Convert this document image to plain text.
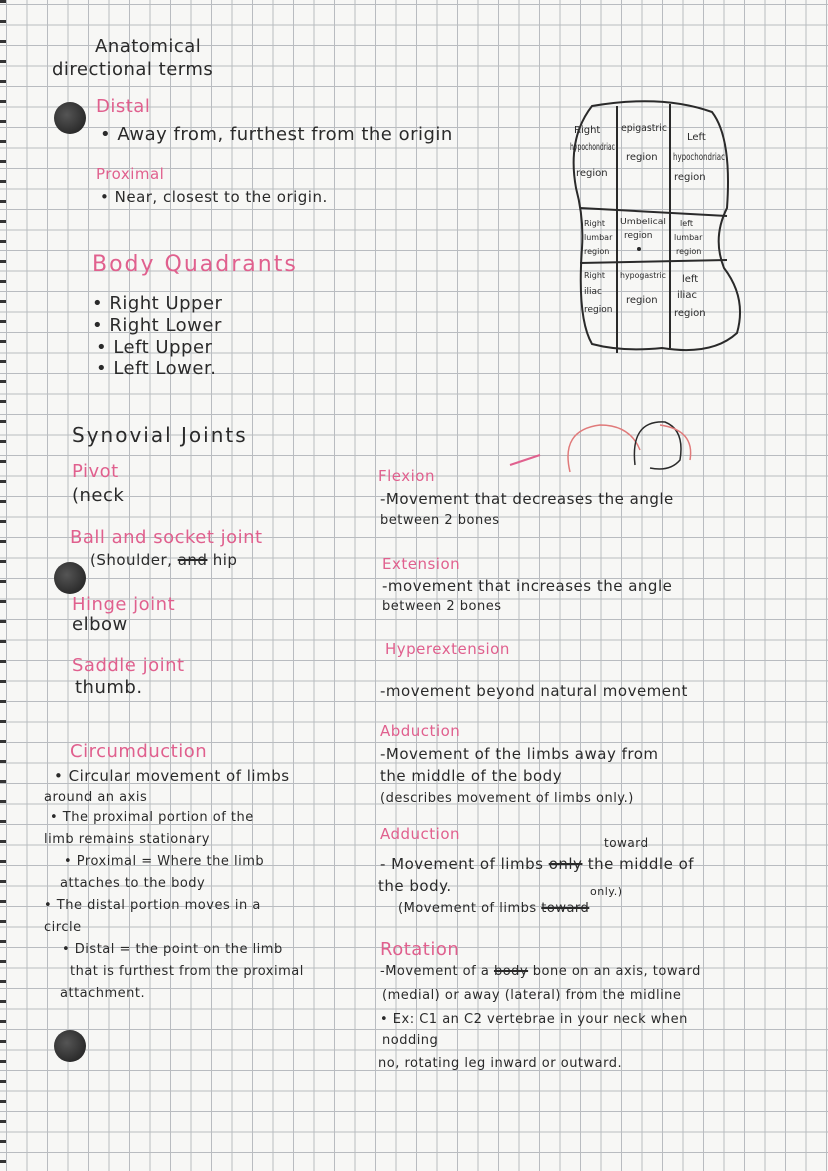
Anatomical
directional terms
Distal
• Away from, furthest from the origin
Proximal
• Near, closest to the origin.
Body Quadrants
• Right Upper
• Right Lower
• Left Upper
• Left Lower.
Right
hypochondriac
region
epigastric
region
Left
hypochondriac
region
Right
lumbar
region
Umbelical
region
left
lumbar
region
Right
iliac
region
hypogastric
region
left
iliac
region
Synovial Joints
Pivot
(neck
Ball and socket joint
(Shoulder, and hip
Hinge joint
elbow
Saddle joint
thumb.
Circumduction
• Circular movement of limbs
around an axis
• The proximal portion of the
limb remains stationary
• Proximal = Where the limb
attaches to the body
• The distal portion moves in a
circle
• Distal = the point on the limb
that is furthest from the proximal
attachment.
Flexion
-Movement that decreases the angle
between 2 bones
Extension
-movement that increases the angle
between 2 bones
Hyperextension
-movement beyond natural movement
Abduction
-Movement of the limbs away from
the middle of the body
(describes movement of limbs only.)
Adduction	toward
- Movement of limbs only the middle of
the body.	only.)
(Movement of limbs toward
Rotation
-Movement of a body bone on an axis, toward
(medial) or away (lateral) from the midline
• Ex: C1 an C2 vertebrae in your neck when
nodding
no, rotating leg inward or outward.
